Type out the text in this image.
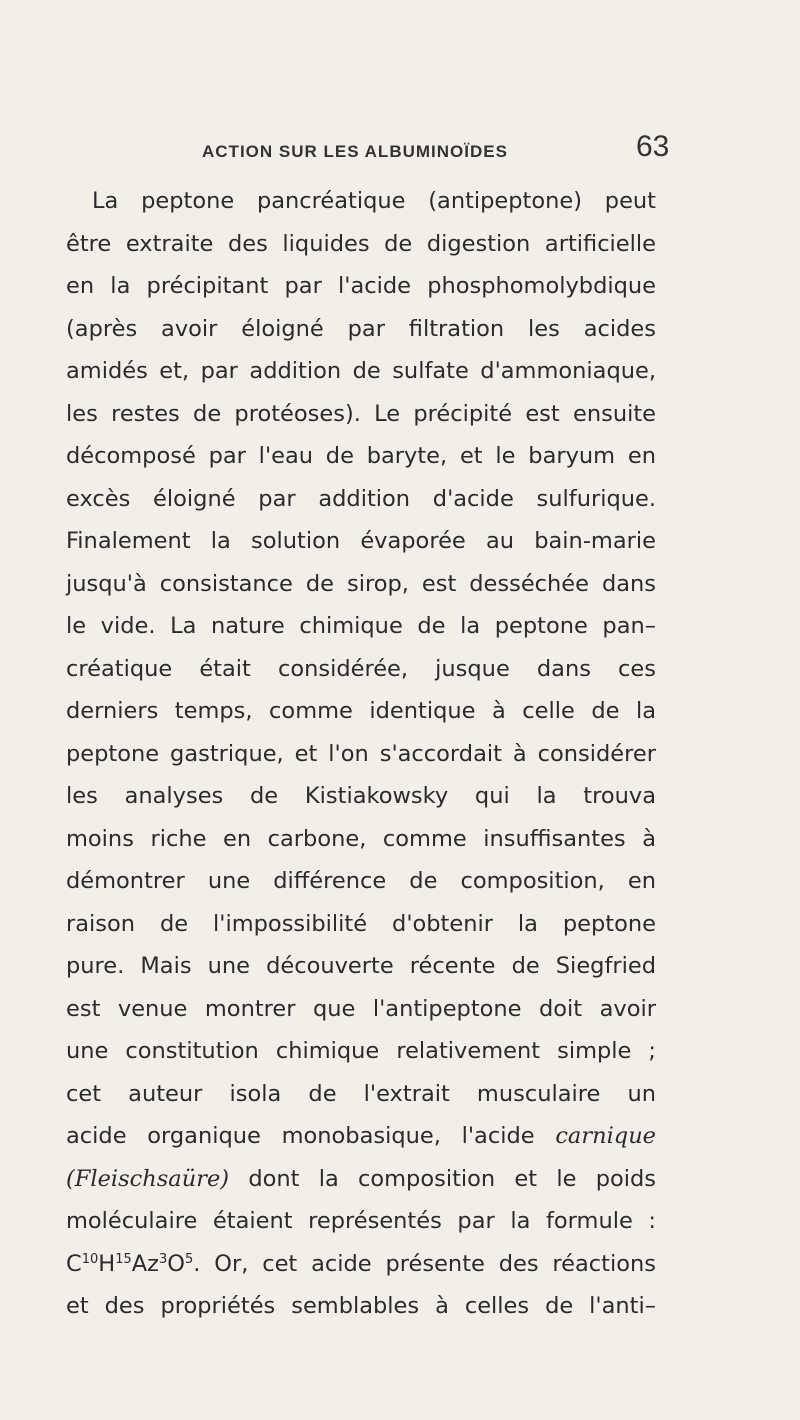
ACTION SUR LES ALBUMINOÏDES	63
La peptone pancréatique (antipeptone) peut
être extraite des liquides de digestion artificielle
en la précipitant par l'acide phosphomolybdique
(après avoir éloigné par filtration les acides
amidés et, par addition de sulfate d'ammoniaque,
les restes de protéoses). Le précipité est ensuite
décomposé par l'eau de baryte, et le baryum en
excès éloigné par addition d'acide sulfurique.
Finalement la solution évaporée au bain-marie
jusqu'à consistance de sirop, est desséchée dans
le vide. La nature chimique de la peptone pan–
créatique était considérée, jusque dans ces
derniers temps, comme identique à celle de la
peptone gastrique, et l'on s'accordait à considérer
les analyses de Kistiakowsky qui la trouva
moins riche en carbone, comme insuffisantes à
démontrer une différence de composition, en
raison de l'impossibilité d'obtenir la peptone
pure. Mais une découverte récente de Siegfried
est venue montrer que l'antipeptone doit avoir
une constitution chimique relativement simple ;
cet auteur isola de l'extrait musculaire un
acide organique monobasique, l'acide carnique
(Fleischsaüre) dont la composition et le poids
moléculaire étaient représentés par la formule :
$C^{10}H^{15}Az^3O^5$. Or, cet acide présente des réactions
et des propriétés semblables à celles de l'anti–
